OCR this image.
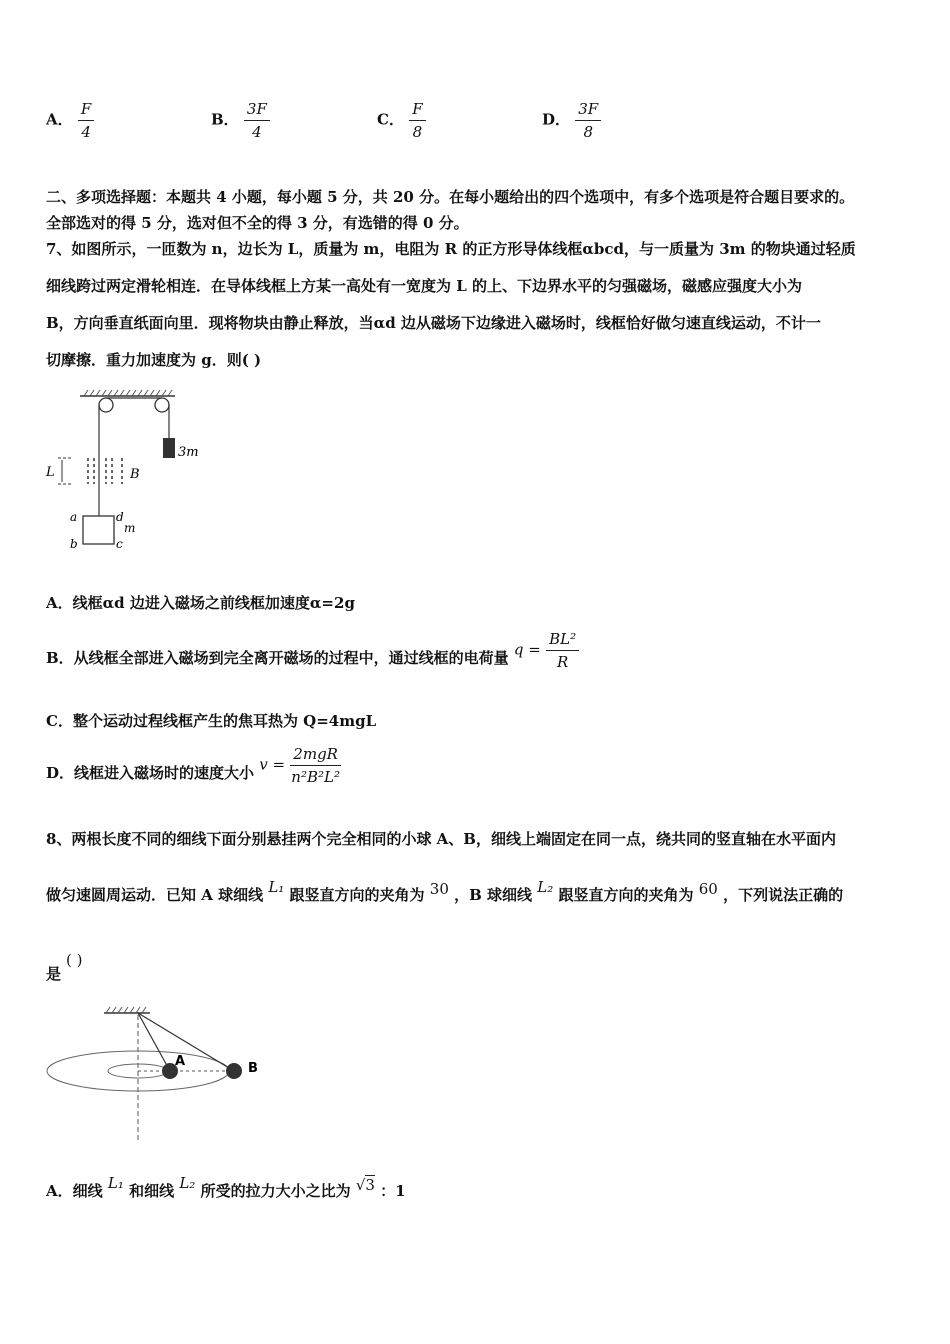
A． $\frac{F}{4}$	B． $\frac{3F}{4}$	C． $\frac{F}{8}$	D． $\frac{3F}{8}$
二、多项选择题：本题共 4 小题，每小题 5 分，共 20 分。在每小题给出的四个选项中，有多个选项是符合题目要求的。
全部选对的得 5 分，选对但不全的得 3 分，有选错的得 0 分。
7、如图所示，一匝数为 n，边长为 L，质量为 m，电阻为 R 的正方形导体线框αbcd，与一质量为 3m 的物块通过轻质
细线跨过两定滑轮相连．在导体线框上方某一高处有一宽度为 L 的上、下边界水平的匀强磁场，磁感应强度大小为
B，方向垂直纸面向里．现将物块由静止释放，当αd 边从磁场下边缘进入磁场时，线框恰好做匀速直线运动，不计一
切摩擦．重力加速度为 g．则( )
3m
L	B
a	d
m
b	c
A．线框αd 边进入磁场之前线框加速度α=2g
B．从线框全部进入磁场到完全离开磁场的过程中，通过线框的电荷量 $q = \frac{\text{BL²}}{R}$
C．整个运动过程线框产生的焦耳热为 Q=4mgL
D．线框进入磁场时的速度大小 $v = \frac{\text{2mgR}}{\text{n²B²L²}}$
8、两根长度不同的细线下面分别悬挂两个完全相同的小球 A、B，细线上端固定在同一点，绕共同的竖直轴在水平面内
做匀速圆周运动．已知 A 球细线 L₁ 跟竖直方向的夹角为 30 ，B 球细线 L₂ 跟竖直方向的夹角为 60 ，下列说法正确的
是
( )
A	B
A．细线 L₁ 和细线 L₂ 所受的拉力大小之比为 √3 ：1
